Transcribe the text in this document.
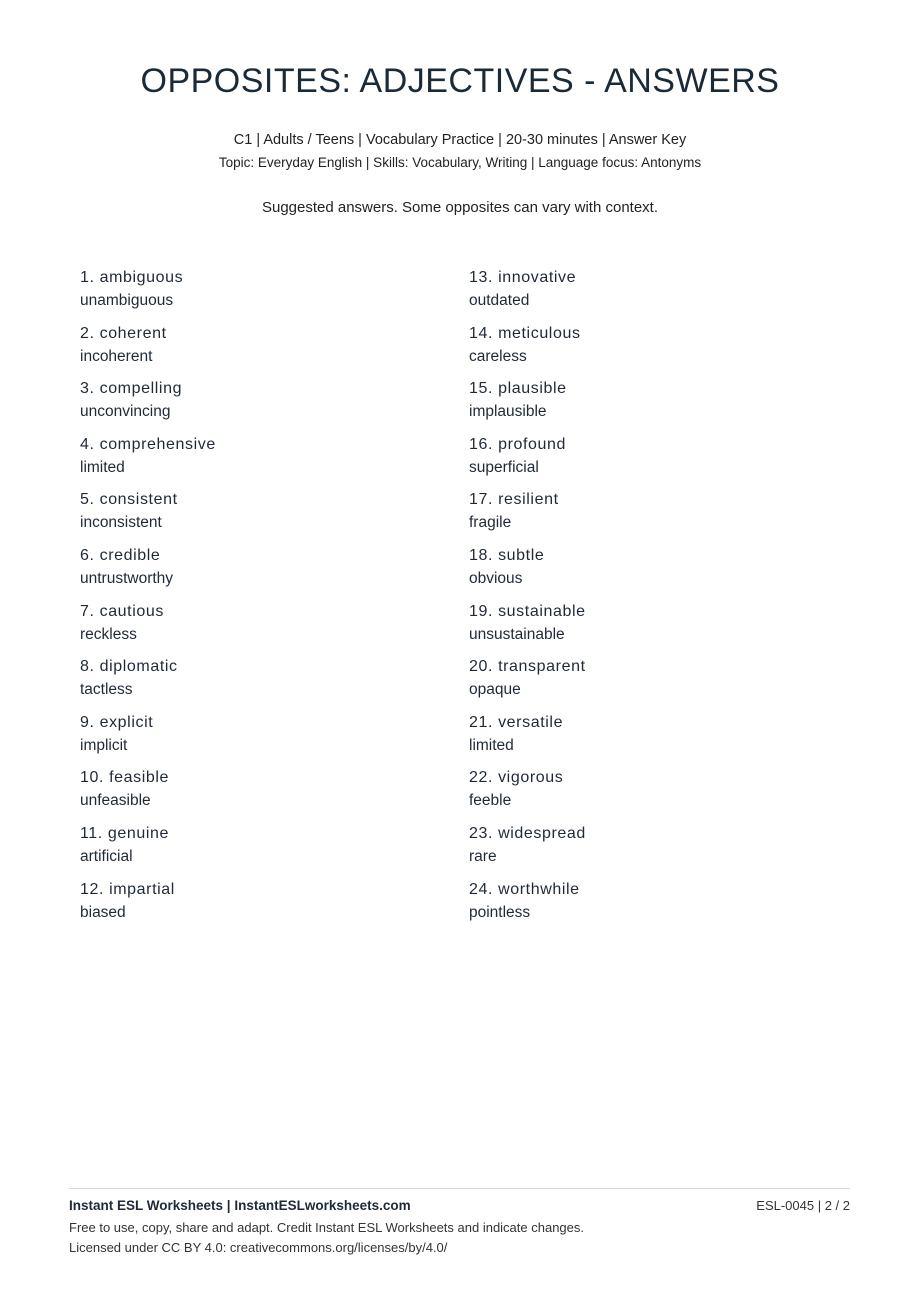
OPPOSITES: ADJECTIVES - ANSWERS
C1 | Adults / Teens | Vocabulary Practice | 20-30 minutes | Answer Key
Topic: Everyday English | Skills: Vocabulary, Writing | Language focus: Antonyms
Suggested answers. Some opposites can vary with context.
1. ambiguous
unambiguous
2. coherent
incoherent
3. compelling
unconvincing
4. comprehensive
limited
5. consistent
inconsistent
6. credible
untrustworthy
7. cautious
reckless
8. diplomatic
tactless
9. explicit
implicit
10. feasible
unfeasible
11. genuine
artificial
12. impartial
biased
13. innovative
outdated
14. meticulous
careless
15. plausible
implausible
16. profound
superficial
17. resilient
fragile
18. subtle
obvious
19. sustainable
unsustainable
20. transparent
opaque
21. versatile
limited
22. vigorous
feeble
23. widespread
rare
24. worthwhile
pointless
Instant ESL Worksheets | InstantESLworksheets.com	ESL-0045 | 2 / 2
Free to use, copy, share and adapt. Credit Instant ESL Worksheets and indicate changes.
Licensed under CC BY 4.0: creativecommons.org/licenses/by/4.0/
